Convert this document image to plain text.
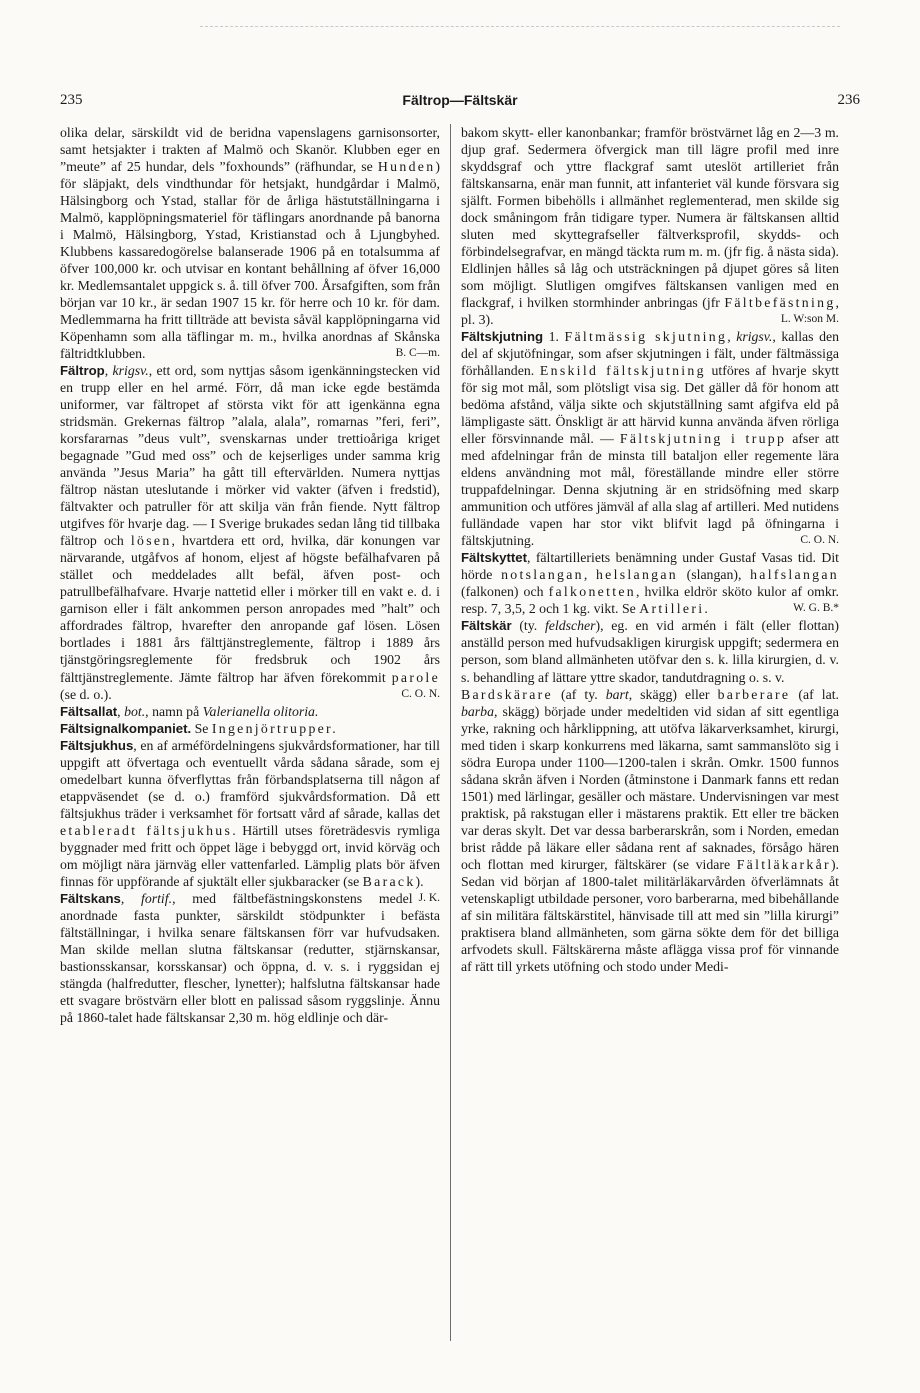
235	Fältrop—Fältskär	236

olika delar, särskildt vid de beridna vapenslagens garnisonsorter, samt hetsjakter i trakten af Malmö och Skanör. Klubben eger en ”meute” af 25 hundar, dels ”foxhounds” (räfhundar, se Hunden) för släpjakt, dels vindthundar för hetsjakt, hundgårdar i Malmö, Hälsingborg och Ystad, stallar för de årliga hästutställningarna i Malmö, kapplöpningsmateriel för täflingars anordnande på banorna i Malmö, Hälsingborg, Ystad, Kristianstad och å Ljungbyhed. Klubbens kassaredogörelse balanserade 1906 på en totalsumma af öfver 100,000 kr. och utvisar en kontant behållning af öfver 16,000 kr. Medlemsantalet uppgick s. å. till öfver 700. Årsafgiften, som från början var 10 kr., är sedan 1907 15 kr. för herre och 10 kr. för dam. Medlemmarna ha fritt tillträde att bevista såväl kapplöpningarna vid Köpenhamn som alla täflingar m. m., hvilka anordnas af Skånska fältridtklubben.	B. C—m.

Fältrop, krigsv., ett ord, som nyttjas såsom igenkänningstecken vid en trupp eller en hel armé. Förr, då man icke egde bestämda uniformer, var fältropet af största vikt för att igenkänna egna stridsmän. Grekernas fältrop ”alala, alala”, romarnas ”feri, feri”, korsfararnas ”deus vult”, svenskarnas under trettioåriga kriget begagnade ”Gud med oss” och de kejserliges under samma krig använda ”Jesus Maria” ha gått till eftervärlden. Numera nyttjas fältrop nästan uteslutande i mörker vid vakter (äfven i fredstid), fältvakter och patruller för att skilja vän från fiende. Nytt fältrop utgifves för hvarje dag. — I Sverige brukades sedan lång tid tillbaka fältrop och lösen, hvartdera ett ord, hvilka, där konungen var närvarande, utgåfvos af honom, eljest af högste befälhafvaren på stället och meddelades allt befäl, äfven post- och patrullbefälhafvare. Hvarje nattetid eller i mörker till en vakt e. d. i garnison eller i fält ankommen person anropades med ”halt” och affordrades fältrop, hvarefter den anropande gaf lösen. Lösen bortlades i 1881 års fälttjänstreglemente, fältrop i 1889 års tjänstgöringsreglemente för fredsbruk och 1902 års fälttjänstreglemente. Jämte fältrop har äfven förekommit parole (se d. o.).	C. O. N.

Fältsallat, bot., namn på Valerianella olitoria.

Fältsignalkompaniet. Se Ingenjörtrupper.

Fältsjukhus, en af arméfördelningens sjukvårdsformationer, har till uppgift att öfvertaga och eventuellt vårda sådana sårade, som ej omedelbart kunna öfverflyttas från förbandsplatserna till någon af etappväsendet (se d. o.) framförd sjukvårdsformation. Då ett fältsjukhus träder i verksamhet för fortsatt vård af sårade, kallas det etableradt fältsjukhus. Härtill utses företrädesvis rymliga byggnader med fritt och öppet läge i bebyggd ort, invid körväg och om möjligt nära järnväg eller vattenfarled. Lämplig plats bör äfven finnas för uppförande af sjuktält eller sjukbaracker (se Barack).
J. K.

Fältskans, fortif., med fältbefästningskonstens medel anordnade fasta punkter, särskildt stödpunkter i befästa fältställningar, i hvilka senare fältskansen förr var hufvudsaken. Man skilde mellan slutna fältskansar (redutter, stjärnskansar, bastionsskansar, korsskansar) och öppna, d. v. s. i ryggsidan ej stängda (halfredutter, flescher, lynetter); halfslutna fältskansar hade ett svagare bröstvärn eller blott en palissad såsom ryggslinje. Ännu på 1860-talet hade fältskansar 2,30 m. hög eldlinje och där-

bakom skytt- eller kanonbankar; framför bröstvärnet låg en 2—3 m. djup graf. Sedermera öfvergick man till lägre profil med inre skyddsgraf och yttre flackgraf samt uteslöt artilleriet från fältskansarna, enär man funnit, att infanteriet väl kunde försvara sig själft. Formen bibehölls i allmänhet reglementerad, men skilde sig dock småningom från tidigare typer. Numera är fältskansen alltid sluten med skyttegrafseller fältverksprofil, skydds- och förbindelsegrafvar, en mängd täckta rum m. m. (jfr fig. å nästa sida). Eldlinjen hålles så låg och utsträckningen på djupet göres så liten som möjligt. Slutligen omgifves fältskansen vanligen med en flackgraf, i hvilken stormhinder anbringas (jfr Fältbefästning, pl. 3).	L. W:son M.

Fältskjutning 1. Fältmässig skjutning, krigsv., kallas den del af skjutöfningar, som afser skjutningen i fält, under fältmässiga förhållanden. Enskild fältskjutning utföres af hvarje skytt för sig mot mål, som plötsligt visa sig. Det gäller då för honom att bedöma afstånd, välja sikte och skjutställning samt afgifva eld på lämpligaste sätt. Önskligt är att härvid kunna använda äfven rörliga eller försvinnande mål. — Fältskjutning i trupp afser att med afdelningar från de minsta till bataljon eller regemente lära eldens användning mot mål, föreställande mindre eller större truppafdelningar. Denna skjutning är en stridsöfning med skarp ammunition och utföres jämväl af alla slag af artilleri. Med nutidens fulländade vapen har stor vikt blifvit lagd på öfningarna i fältskjutning.	C. O. N.

Fältskyttet, fältartilleriets benämning under Gustaf Vasas tid. Dit hörde notslangan, helslangan (slangan), halfslangan (falkonen) och falkonetten, hvilka eldrör sköto kulor af omkr. resp. 7, 3,5, 2 och 1 kg. vikt. Se Artilleri.	W. G. B.*

Fältskär (ty. feldscher), eg. en vid armén i fält (eller flottan) anställd person med hufvudsakligen kirurgisk uppgift; sedermera en person, som bland allmänheten utöfvar den s. k. lilla kirurgien, d. v. s. behandling af lättare yttre skador, tandutdragning o. s. v.

Bardskärare (af ty. bart, skägg) eller barberare (af lat. barba, skägg) började under medeltiden vid sidan af sitt egentliga yrke, rakning och hårklippning, att utöfva läkarverksamhet, kirurgi, med tiden i skarp konkurrens med läkarna, samt sammanslöto sig i södra Europa under 1100—1200-talen i skrån. Omkr. 1500 funnos sådana skrån äfven i Norden (åtminstone i Danmark fanns ett redan 1501) med lärlingar, gesäller och mästare. Undervisningen var mest praktisk, på rakstugan eller i mästarens praktik. Ett eller tre bäcken var deras skylt. Det var dessa barberarskrån, som i Norden, emedan brist rådde på läkare eller sådana rent af saknades, försågo hären och flottan med kirurger, fältskärer (se vidare Fältläkarkår). Sedan vid början af 1800-talet militärläkarvården öfverlämnats åt vetenskapligt utbildade personer, voro barberarna, med bibehållande af sin militära fältskärstitel, hänvisade till att med sin ”lilla kirurgi” praktisera bland allmänheten, som gärna sökte dem för det billiga arfvodets skull. Fältskärerna måste aflägga vissa prof för vinnande af rätt till yrkets utöfning och stodo under Medi-
